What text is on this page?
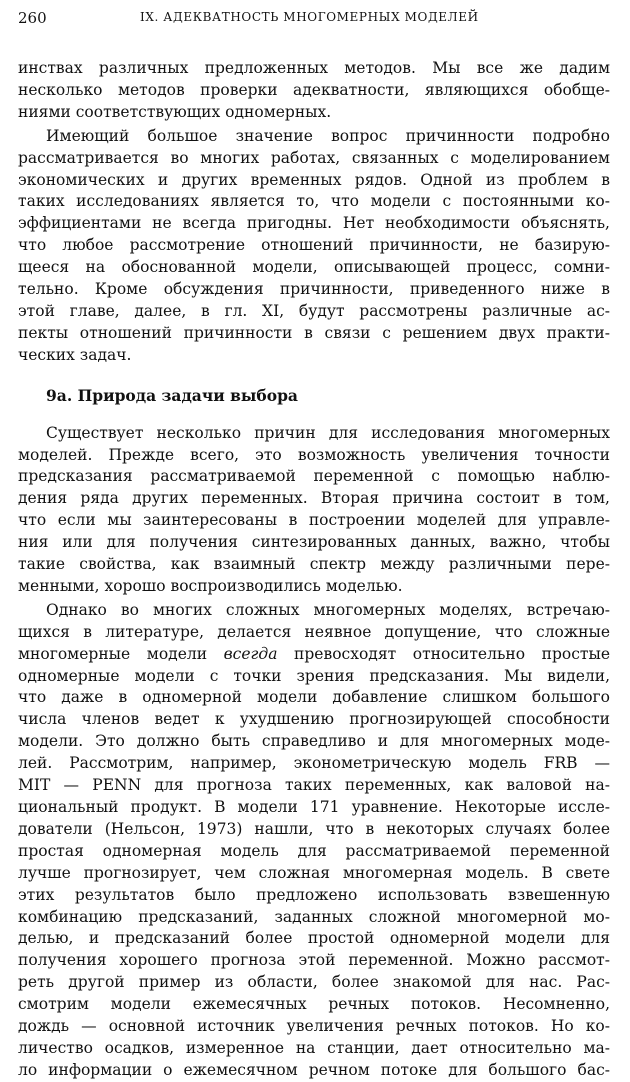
260	IX. АДЕКВАТНОСТЬ МНОГОМЕРНЫХ МОДЕЛЕЙ
инствах различных предложенных методов. Мы все же дадим
несколько методов проверки адекватности, являющихся обобще-
ниями соответствующих одномерных.
Имеющий большое значение вопрос причинности подробно
рассматривается во многих работах, связанных с моделированием
экономических и других временных рядов. Одной из проблем в
таких исследованиях является то, что модели с постоянными ко-
эффициентами не всегда пригодны. Нет необходимости объяснять,
что любое рассмотрение отношений причинности, не базирую-
щееся на обоснованной модели, описывающей процесс, сомни-
тельно. Кроме обсуждения причинности, приведенного ниже в
этой главе, далее, в гл. XI, будут рассмотрены различные ас-
пекты отношений причинности в связи с решением двух практи-
ческих задач.
9а. Природа задачи выбора
Существует несколько причин для исследования многомерных
моделей. Прежде всего, это возможность увеличения точности
предсказания рассматриваемой переменной с помощью наблю-
дения ряда других переменных. Вторая причина состоит в том,
что если мы заинтересованы в построении моделей для управле-
ния или для получения синтезированных данных, важно, чтобы
такие свойства, как взаимный спектр между различными пере-
менными, хорошо воспроизводились моделью.
Однако во многих сложных многомерных моделях, встречаю-
щихся в литературе, делается неявное допущение, что сложные
многомерные модели всегда превосходят относительно простые
одномерные модели с точки зрения предсказания. Мы видели,
что даже в одномерной модели добавление слишком большого
числа членов ведет к ухудшению прогнозирующей способности
модели. Это должно быть справедливо и для многомерных моде-
лей. Рассмотрим, например, эконометрическую модель FRB —
MIT — PENN для прогноза таких переменных, как валовой на-
циональный продукт. В модели 171 уравнение. Некоторые иссле-
дователи (Нельсон, 1973) нашли, что в некоторых случаях более
простая одномерная модель для рассматриваемой переменной
лучше прогнозирует, чем сложная многомерная модель. В свете
этих результатов было предложено использовать взвешенную
комбинацию предсказаний, заданных сложной многомерной мо-
делью, и предсказаний более простой одномерной модели для
получения хорошего прогноза этой переменной. Можно рассмот-
реть другой пример из области, более знакомой для нас. Рас-
смотрим модели ежемесячных речных потоков. Несомненно,
дождь — основной источник увеличения речных потоков. Но ко-
личество осадков, измеренное на станции, дает относительно ма-
ло информации о ежемесячном речном потоке для большого бас-
